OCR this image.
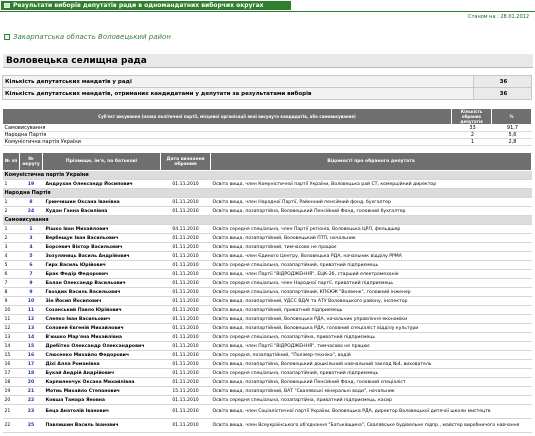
Результати виборів депутатів ради в одномандатних виборчих округах
Станом на : 28.01.2012
Закарпатська область Воловецький район
Воловецька селищна рада
Кількість депутатських мандатів у раді	36
Кількість депутатських мандатів, отриманих кандидатами у депутати за результатами виборів	36
Суб'єкт висування (назва політичної партії, місцевої організації якої висунуто кандидатів, або самовисування)	Кількість обраних депутатів	%
Самовисування	33	91,7
Народна Партія	2	5,6
Комуністична партія України	1	2,8
№ зп	№ округу	Прізвище, ім'я, по батькові	Дата визнання обраним	Відомості про обраного депутата
Комуністична партія України				
1	19	Андрухан Олександр Йосипович	01.11.2010	Освіта вища, член Комуністичної партії України, Воловецька рай СТ, комерційний директор
Народна Партія				
1	8	Гринчишин Оксана Іванівна	01.11.2010	Освіта вища, член Народної Партії, Районний пенсійний фонд, бухгалтер
2	24	Худан Ганна Василівна	01.11.2010	Освіта вища, позапартійна, Воловецький Пенсійний Фонд, головний бухгалтер
Самовисування				
1	1	Рішко Іван Михайлович	04.11.2010	Освіта середня спеціальна, член Партії регіонів, Воловецька ЦРЛ, фельдшер
2	3	Вербещук Іван Васильович	01.11.2010	Освіта вища, позапартійний, Воловецький ПТП, начальник
3	4	Борсевич Віктор Васильович	01.11.2010	Освіта вища, позапартійний, тимчасово не працює
4	5	Зозуляниць Василь Андрійович	01.11.2010	Освіта вища, член Єдиного Центру, Воловецька РДА, начальник відділу РРМА
5	6	Гирх Василь Юрійович	01.11.2010	Освіта середня спеціальна, позапартійний, приватний підприємець
6	7	Брак Федір Федорович	01.11.2010	Освіта вища, член Партії "ВІДРОДЖЕННЯ", ЕЦК-26, старший електромеханік
7	9	Балан Олександр Васильович	01.11.2010	Освіта середня спеціальна, член Народної партії, приватний підприємець
8	9	Гвоздик Василь Васильович	01.11.2010	Освіта середня спеціальна, позапартійний, КПЄКЖ "Волвенк", головний інженер
9	10	Зін Йосип Йосипович	01.11.2010	Освіта вища, позапартійний, УДСС ВДАІ та АТУ Воловецького району, інспектор
10	11	Созанський Павло Юрійович	01.11.2010	Освіта вища, позапартійний, приватний підприємець
11	12	Слепко Іван Васильович	01.11.2010	Освіта вища, позапартійний, Воловецька РДА, начальник управління економіки
12	13	Соловей Євгеній Михайлович	01.11.2010	Освіта вища, позапартійний, Воловецька РДА, головний спеціаліст відділу культури
13	14	В'юшко Мар'яна Михайлівна	01.11.2010	Освіта середня спеціальна, позапартійна, приватний підприємець
14	15	Дребітко Олександр Олександрович	01.11.2010	Освіта вища, член Партії "ВІДРОДЖЕННЯ", тимчасово не працює
15	16	Слюсенко Михайло Федорович	01.11.2010	Освіта середня, позапартійний, "Полімер-техніка", водій
16	17	Діхі Алла Романівна	01.11.2010	Освіта вища, позапартійна, Воловецький дошкільний навчальний заклад №4, вихователь
17	18	Букай Андрій Андрійович	01.11.2010	Освіта середня спеціальна, позапартійний, приватний підприємець
18	20	Карпиленчук Оксана Михайлівна	01.11.2010	Освіта вища, позапартійна, Воловецький Пенсійний Фонд, головний спеціаліст
19	21	Мотиь Михайло Степанович	15.11.2010	Освіта вища, позапартійний, ВАТ "Свалявські мінеральні води", начальник
20	22	Ковша Тамара Яновна	01.11.2010	Освіта середня спеціальна, позапартійна, приватний підприємець, касир
21	23	Беца Анатолій Іванович	01.11.2010	Освіта вища, член Соціалістичної партії України, Воловецька РДА, директор Воловецької дитячої школи мистецтв
22	25	Павлишин Василь Іванович	01.11.2010	Освіта вища, член Всеукраїнського об'єднання "Батьківщина", Свалявське будівельне підпр., майстер виробничого навчання
